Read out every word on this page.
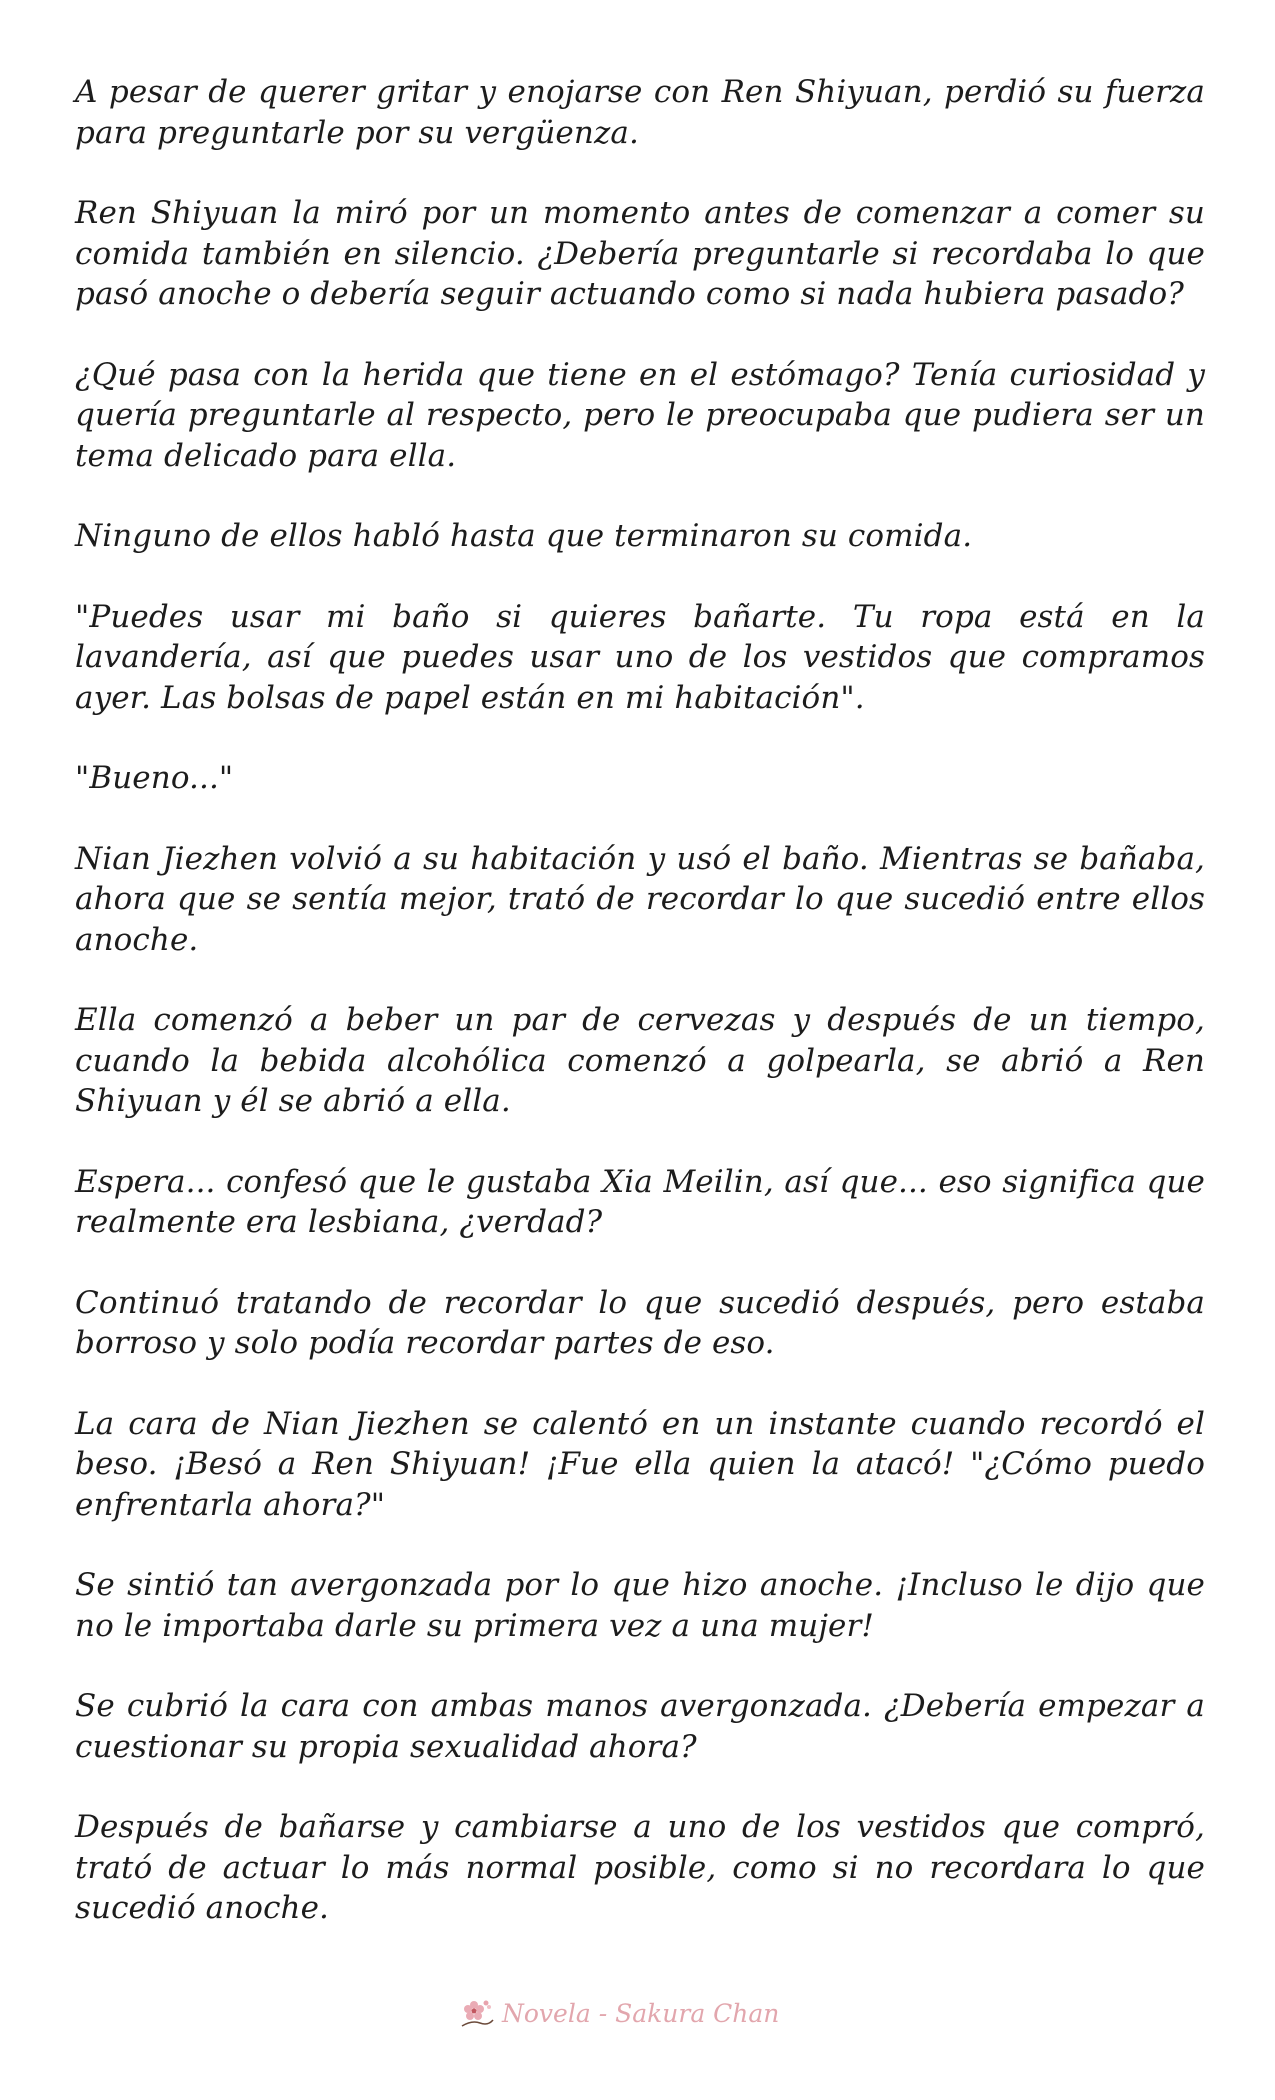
A pesar de querer gritar y enojarse con Ren Shiyuan, perdió su fuerza para preguntarle por su vergüenza.

Ren Shiyuan la miró por un momento antes de comenzar a comer su comida también en silencio. ¿Debería preguntarle si recordaba lo que pasó anoche o debería seguir actuando como si nada hubiera pasado?

¿Qué pasa con la herida que tiene en el estómago? Tenía curiosidad y quería preguntarle al respecto, pero le preocupaba que pudiera ser un tema delicado para ella.

Ninguno de ellos habló hasta que terminaron su comida.

"Puedes usar mi baño si quieres bañarte. Tu ropa está en la lavandería, así que puedes usar uno de los vestidos que compramos ayer. Las bolsas de papel están en mi habitación".

"Bueno..."

Nian Jiezhen volvió a su habitación y usó el baño. Mientras se bañaba, ahora que se sentía mejor, trató de recordar lo que sucedió entre ellos anoche.

Ella comenzó a beber un par de cervezas y después de un tiempo, cuando la bebida alcohólica comenzó a golpearla, se abrió a Ren Shiyuan y él se abrió a ella.

Espera... confesó que le gustaba Xia Meilin, así que... eso significa que realmente era lesbiana, ¿verdad?

Continuó tratando de recordar lo que sucedió después, pero estaba borroso y solo podía recordar partes de eso.

La cara de Nian Jiezhen se calentó en un instante cuando recordó el beso. ¡Besó a Ren Shiyuan! ¡Fue ella quien la atacó! "¿Cómo puedo enfrentarla ahora?"

Se sintió tan avergonzada por lo que hizo anoche. ¡Incluso le dijo que no le importaba darle su primera vez a una mujer!

Se cubrió la cara con ambas manos avergonzada. ¿Debería empezar a cuestionar su propia sexualidad ahora?

Después de bañarse y cambiarse a uno de los vestidos que compró, trató de actuar lo más normal posible, como si no recordara lo que sucedió anoche.

Novela - Sakura Chan
